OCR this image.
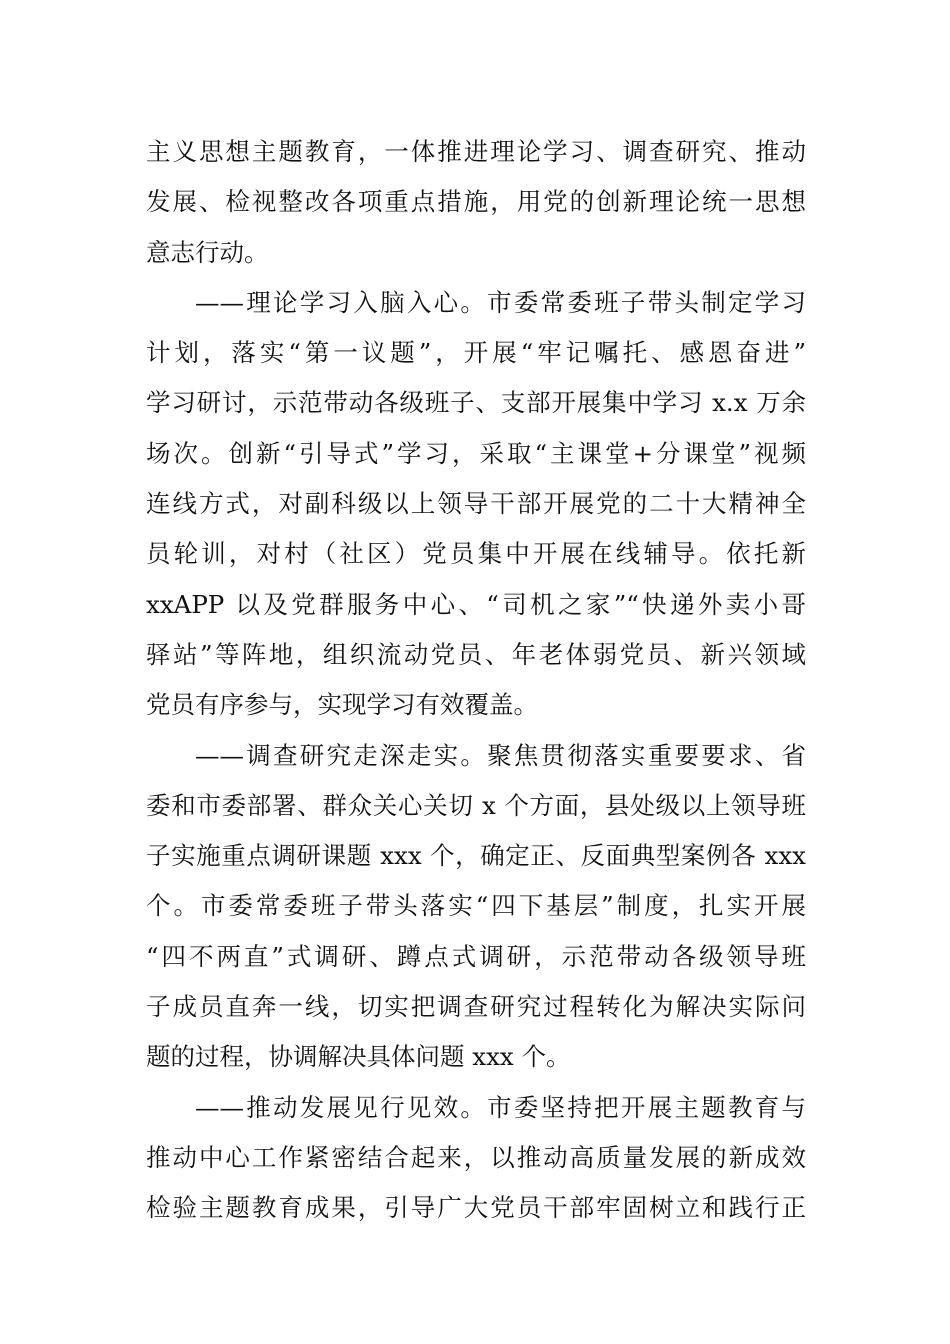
主义思想主题教育，一体推进理论学习、调查研究、推动
发展、检视整改各项重点措施，用党的创新理论统一思想
意志行动。
——理论学习入脑入心。市委常委班子带头制定学习
计划，落实“第一议题”，开展“牢记嘱托、感恩奋进”
学习研讨，示范带动各级班子、支部开展集中学习 x.x 万余
场次。创新“引导式”学习，采取“主课堂+分课堂”视频
连线方式，对副科级以上领导干部开展党的二十大精神全
员轮训，对村（社区）党员集中开展在线辅导。依托新
xxAPP 以及党群服务中心、“司机之家”“快递外卖小哥
驿站”等阵地，组织流动党员、年老体弱党员、新兴领域
党员有序参与，实现学习有效覆盖。
——调查研究走深走实。聚焦贯彻落实重要要求、省
委和市委部署、群众关心关切 x 个方面，县处级以上领导班
子实施重点调研课题 xxx 个，确定正、反面典型案例各 xxx
个。市委常委班子带头落实“四下基层”制度，扎实开展
“四不两直”式调研、蹲点式调研，示范带动各级领导班
子成员直奔一线，切实把调查研究过程转化为解决实际问
题的过程，协调解决具体问题 xxx 个。
——推动发展见行见效。市委坚持把开展主题教育与
推动中心工作紧密结合起来，以推动高质量发展的新成效
检验主题教育成果，引导广大党员干部牢固树立和践行正
